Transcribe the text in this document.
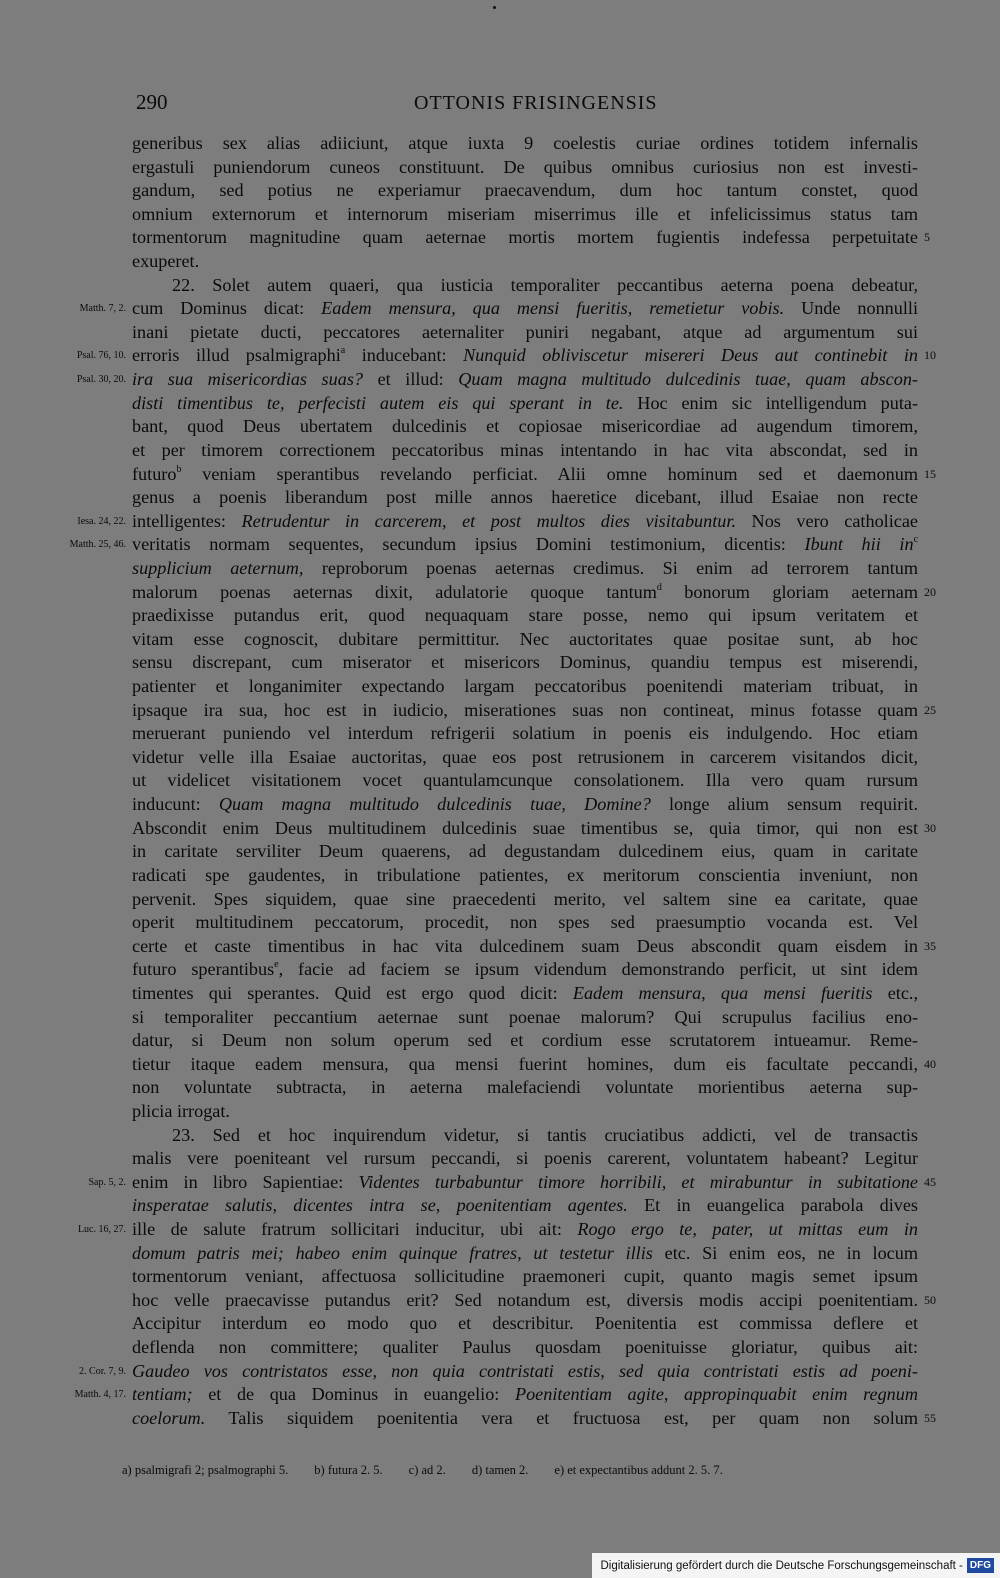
290	OTTONIS FRISINGENSIS
generibus sex alias adiiciunt, atque iuxta 9 coelestis curiae ordines totidem infernalis
ergastuli puniendorum cuneos constituunt. De quibus omnibus curiosius non est investi-
gandum, sed potius ne experiamur praecavendum, dum hoc tantum constet, quod
omnium externorum et internorum miseriam miserrimus ille et infelicissimus status tam
tormentorum magnitudine quam aeternae mortis mortem fugientis indefessa perpetuitate 5
exuperet.
22. Solet autem quaeri, qua iusticia temporaliter peccantibus aeterna poena debeatur,
cum Dominus dicat: Eadem mensura, qua mensi fueritis, remetietur vobis. Unde nonnulli
Matth. 7, 2.
inani pietate ducti, peccatores aeternaliter puniri negabant, atque ad argumentum sui
erroris illud psalmigraphi$^a$ inducebant: Nunquid obliviscetur misereri Deus aut continebit in
Psal. 76, 10.	10
ira sua misericordias suas? et illud: Quam magna multitudo dulcedinis tuae, quam abscon-
Psal. 30, 20.
disti timentibus te, perfecisti autem eis qui sperant in te. Hoc enim sic intelligendum puta-
bant, quod Deus ubertatem dulcedinis et copiosae misericordiae ad augendum timorem,
et per timorem correctionem peccatoribus minas intentando in hac vita abscondat, sed in
futuro$^b$ veniam sperantibus revelando perficiat. Alii omne hominum sed et daemonum 15
genus a poenis liberandum post mille annos haeretice dicebant, illud Esaiae non recte
intelligentes: Retrudentur in carcerem, et post multos dies visitabuntur. Nos vero catholicae
Iesa. 24, 22.
veritatis normam sequentes, secundum ipsius Domini testimonium, dicentis: Ibunt hii $in^c$
Matth. 25, 46.
supplicium aeternum, reproborum poenas aeternas credimus. Si enim ad terrorem tantum
malorum poenas aeternas dixit, adulatorie quoque tantum$^d$ bonorum gloriam aeternam 20
praedixisse putandus erit, quod nequaquam stare posse, nemo qui ipsum veritatem et
vitam esse cognoscit, dubitare permittitur. Nec auctoritates quae positae sunt, ab hoc
sensu discrepant, cum miserator et misericors Dominus, quandiu tempus est miserendi,
patienter et longanimiter expectando largam peccatoribus poenitendi materiam tribuat, in
ipsaque ira sua, hoc est in iudicio, miserationes suas non contineat, minus fotasse quam 25
meruerant puniendo vel interdum refrigerii solatium in poenis eis indulgendo. Hoc etiam
videtur velle illa Esaiae auctoritas, quae eos post retrusionem in carcerem visitandos dicit,
ut videlicet visitationem vocet quantulamcunque consolationem. Illa vero quam rursum
inducunt: Quam magna multitudo dulcedinis tuae, Domine? longe alium sensum requirit.
Abscondit enim Deus multitudinem dulcedinis suae timentibus se, quia timor, qui non est 30
in caritate serviliter Deum quaerens, ad degustandam dulcedinem eius, quam in caritate
radicati spe gaudentes, in tribulatione patientes, ex meritorum conscientia inveniunt, non
pervenit. Spes siquidem, quae sine praecedenti merito, vel saltem sine ea caritate, quae
operit multitudinem peccatorum, procedit, non spes sed praesumptio vocanda est. Vel
certe et caste timentibus in hac vita dulcedinem suam Deus abscondit quam eisdem in 35
futuro sperantibus$^e$, facie ad faciem se ipsum videndum demonstrando perficit, ut sint idem
timentes qui sperantes. Quid est ergo quod dicit: Eadem mensura, qua mensi fueritis etc.,
si temporaliter peccantium aeternae sunt poenae malorum? Qui scrupulus facilius eno-
datur, si Deum non solum operum sed et cordium esse scrutatorem intueamur. Reme-
tietur itaque eadem mensura, qua mensi fuerint homines, dum eis facultate peccandi, 40
non voluntate subtracta, in aeterna malefaciendi voluntate morientibus aeterna sup-
plicia irrogat.
23. Sed et hoc inquirendum videtur, si tantis cruciatibus addicti, vel de transactis
malis vere poeniteant vel rursum peccandi, si poenis carerent, voluntatem habeant? Legitur
enim in libro Sapientiae: Videntes turbabuntur timore horribili, et mirabuntur in subitatione
Sap. 5, 2.	45
insperatae salutis, dicentes intra se, poenitentiam agentes. Et in euangelica parabola dives
ille de salute fratrum sollicitari inducitur, ubi ait: Rogo ergo te, pater, ut mittas eum in
Luc. 16, 27.
domum patris mei; habeo enim quinque fratres, ut testetur illis etc. Si enim eos, ne in locum
tormentorum veniant, affectuosa sollicitudine praemoneri cupit, quanto magis semet ipsum
hoc velle praecavisse putandus erit? Sed notandum est, diversis modis accipi poenitentiam. 50
Accipitur interdum eo modo quo et describitur. Poenitentia est commissa deflere et
deflenda non committere; qualiter Paulus quosdam poenituisse gloriatur, quibus ait:
Gaudeo vos contristatos esse, non quia contristati estis, sed quia contristati estis ad poeni-
2. Cor. 7, 9.
tentiam; et de qua Dominus in euangelio: Poenitentiam agite, appropinquabit enim regnum
Matth. 4, 17.
coelorum. Talis siquidem poenitentia vera et fructuosa est, per quam non solum 55
a) psalmigrafi 2; psalmographi 5. b) futura 2. 5. c) ad 2. d) tamen 2. e) et expectantibus addunt 2. 5. 7.
Digitalisierung gefördert durch die Deutsche Forschungsgemeinschaft - DFG
